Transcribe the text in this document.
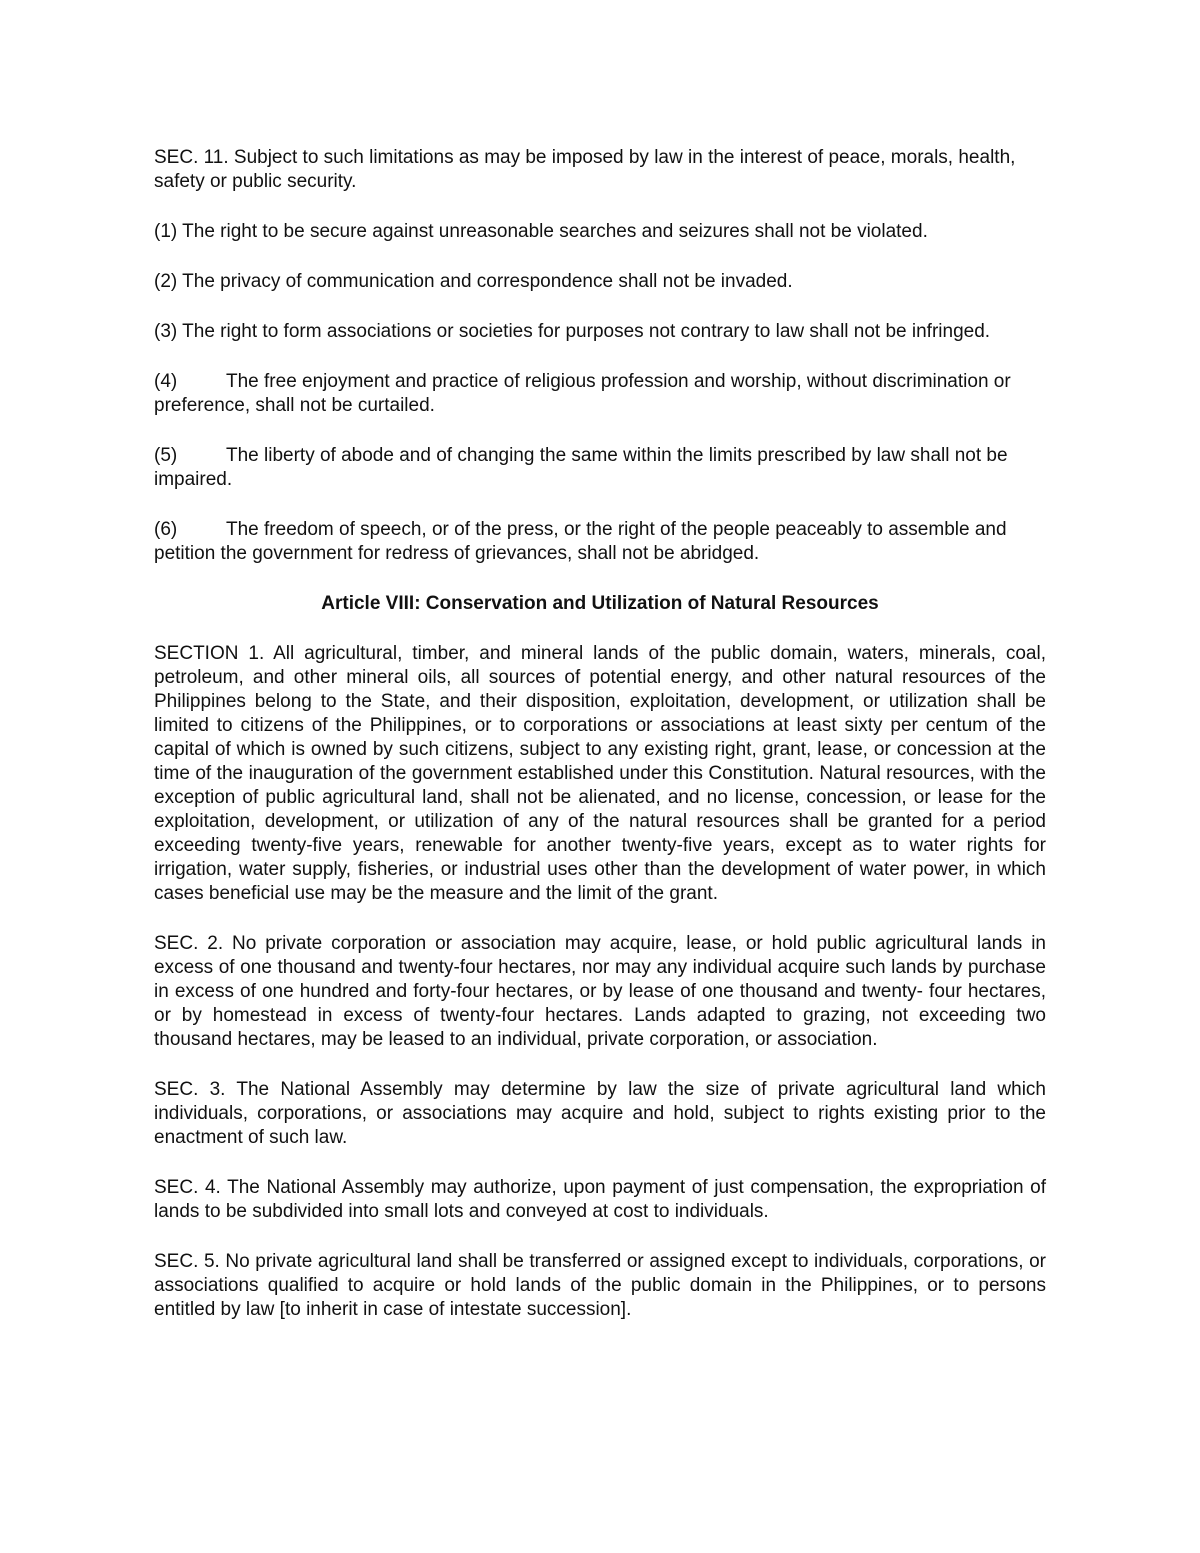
SEC. 11. Subject to such limitations as may be imposed by law in the interest of peace, morals, health, safety or public security.

(1) The right to be secure against unreasonable searches and seizures shall not be violated.

(2) The privacy of communication and correspondence shall not be invaded.

(3) The right to form associations or societies for purposes not contrary to law shall not be infringed.

(4)	The free enjoyment and practice of religious profession and worship, without discrimination or preference, shall not be curtailed.

(5)	The liberty of abode and of changing the same within the limits prescribed by law shall not be impaired.

(6)	The freedom of speech, or of the press, or the right of the people peaceably to assemble and petition the government for redress of grievances, shall not be abridged.

Article VIII: Conservation and Utilization of Natural Resources

SECTION 1. All agricultural, timber, and mineral lands of the public domain, waters, minerals, coal, petroleum, and other mineral oils, all sources of potential energy, and other natural resources of the Philippines belong to the State, and their disposition, exploitation, development, or utilization shall be limited to citizens of the Philippines, or to corporations or associations at least sixty per centum of the capital of which is owned by such citizens, subject to any existing right, grant, lease, or concession at the time of the inauguration of the government established under this Constitution. Natural resources, with the exception of public agricultural land, shall not be alienated, and no license, concession, or lease for the exploitation, development, or utilization of any of the natural resources shall be granted for a period exceeding twenty-five years, renewable for another twenty-five years, except as to water rights for irrigation, water supply, fisheries, or industrial uses other than the development of water power, in which cases beneficial use may be the measure and the limit of the grant.

SEC. 2. No private corporation or association may acquire, lease, or hold public agricultural lands in excess of one thousand and twenty-four hectares, nor may any individual acquire such lands by purchase in excess of one hundred and forty-four hectares, or by lease of one thousand and twenty- four hectares, or by homestead in excess of twenty-four hectares. Lands adapted to grazing, not exceeding two thousand hectares, may be leased to an individual, private corporation, or association.

SEC. 3. The National Assembly may determine by law the size of private agricultural land which individuals, corporations, or associations may acquire and hold, subject to rights existing prior to the enactment of such law.

SEC. 4. The National Assembly may authorize, upon payment of just compensation, the expropriation of lands to be subdivided into small lots and conveyed at cost to individuals.

SEC. 5. No private agricultural land shall be transferred or assigned except to individuals, corporations, or associations qualified to acquire or hold lands of the public domain in the Philippines, or to persons entitled by law [to inherit in case of intestate succession].
